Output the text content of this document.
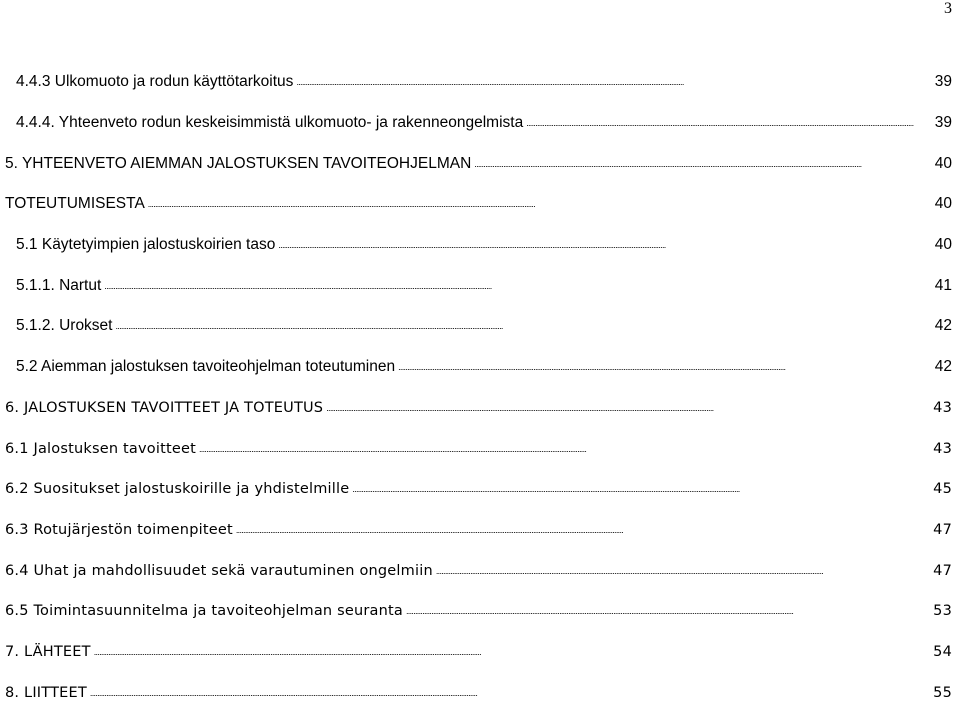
3
4.4.3 Ulkomuoto ja rodun käyttötarkoitus . . .	39
4.4.4. Yhteenveto rodun keskeisimmistä ulkomuoto- ja rakenneongelmista . . .	39
5. YHTEENVETO AIEMMAN JALOSTUKSEN TAVOITEOHJELMAN . . .	40
TOTEUTUMISESTA . . .	40
5.1 Käytetyimpien jalostuskoirien taso . . .	40
5.1.1. Nartut . . .	41
5.1.2. Urokset . . .	42
5.2 Aiemman jalostuksen tavoiteohjelman toteutuminen . . .	42
6. JALOSTUKSEN TAVOITTEET JA TOTEUTUS . . .	43
6.1 Jalostuksen tavoitteet . . .	43
6.2 Suositukset jalostuskoirille ja yhdistelmille . . .	45
6.3 Rotujärjestön toimenpiteet . . .	47
6.4 Uhat ja mahdollisuudet sekä varautuminen ongelmiin . . .	47
6.5 Toimintasuunnitelma ja tavoiteohjelman seuranta . . .	53
7. LÄHTEET . . .	54
8. LIITTEET . . .	55
